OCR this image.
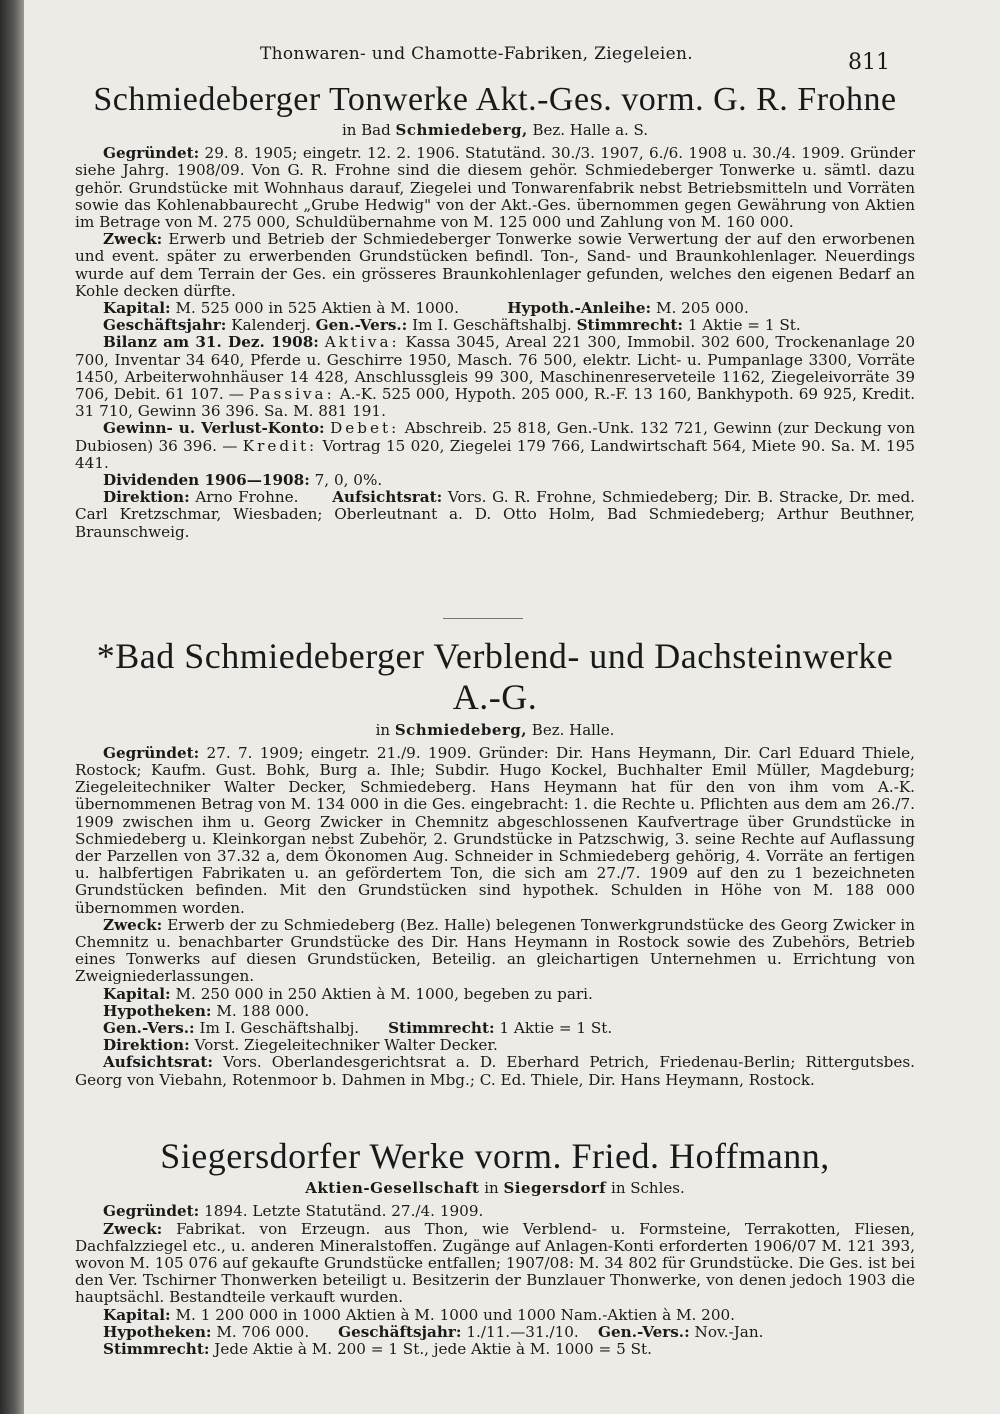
Thonwaren- und Chamotte-Fabriken, Ziegeleien.	811
Schmiedeberger Tonwerke Akt.-Ges. vorm. G. R. Frohne
in Bad Schmiedeberg, Bez. Halle a. S.

Gegründet: 29. 8. 1905; eingetr. 12. 2. 1906. Statutänd. 30./3. 1907, 6./6. 1908 u. 30./4. 1909. Gründer siehe Jahrg. 1908/09. Von G. R. Frohne sind die diesem gehör. Schmiedeberger Tonwerke u. sämtl. dazu gehör. Grundstücke mit Wohnhaus darauf, Ziegelei und Tonwarenfabrik nebst Betriebsmitteln und Vorräten sowie das Kohlenabbaurecht „Grube Hedwig" von der Akt.-Ges. übernommen gegen Gewährung von Aktien im Betrage von M. 275 000, Schuldübernahme von M. 125 000 und Zahlung von M. 160 000.

Zweck: Erwerb und Betrieb der Schmiedeberger Tonwerke sowie Verwertung der auf den erworbenen und event. später zu erwerbenden Grundstücken befindl. Ton-, Sand- und Braunkohlenlager. Neuerdings wurde auf dem Terrain der Ges. ein grösseres Braunkohlenlager gefunden, welches den eigenen Bedarf an Kohle decken dürfte.

Kapital: M. 525 000 in 525 Aktien à M. 1000.	Hypoth.-Anleihe: M. 205 000.

Geschäftsjahr: Kalenderj. Gen.-Vers.: Im I. Geschäftshalbj. Stimmrecht: 1 Aktie = 1 St.

Bilanz am 31. Dez. 1908: Aktiva: Kassa 3045, Areal 221 300, Immobil. 302 600, Trockenanlage 20 700, Inventar 34 640, Pferde u. Geschirre 1950, Masch. 76 500, elektr. Licht- u. Pumpanlage 3300, Vorräte 1450, Arbeiterwohnhäuser 14 428, Anschlussgleis 99 300, Maschinenreserveteile 1162, Ziegeleivorräte 39 706, Debit. 61 107. — Passiva: A.-K. 525 000, Hypoth. 205 000, R.-F. 13 160, Bankhypoth. 69 925, Kredit. 31 710, Gewinn 36 396. Sa. M. 881 191.

Gewinn- u. Verlust-Konto: Debet: Abschreib. 25 818, Gen.-Unk. 132 721, Gewinn (zur Deckung von Dubiosen) 36 396. — Kredit: Vortrag 15 020, Ziegelei 179 766, Landwirtschaft 564, Miete 90. Sa. M. 195 441.

Dividenden 1906—1908: 7, 0, 0%.

Direktion: Arno Frohne. Aufsichtsrat: Vors. G. R. Frohne, Schmiedeberg; Dir. B. Stracke, Dr. med. Carl Kretzschmar, Wiesbaden; Oberleutnant a. D. Otto Holm, Bad Schmiedeberg; Arthur Beuthner, Braunschweig.

*Bad Schmiedeberger Verblend- und Dachsteinwerke A.-G.
in Schmiedeberg, Bez. Halle.

Gegründet: 27. 7. 1909; eingetr. 21./9. 1909. Gründer: Dir. Hans Heymann, Dir. Carl Eduard Thiele, Rostock; Kaufm. Gust. Bohk, Burg a. Ihle; Subdir. Hugo Kockel, Buchhalter Emil Müller, Magdeburg; Ziegeleitechniker Walter Decker, Schmiedeberg. Hans Heymann hat für den von ihm vom A.-K. übernommenen Betrag von M. 134 000 in die Ges. eingebracht: 1. die Rechte u. Pflichten aus dem am 26./7. 1909 zwischen ihm u. Georg Zwicker in Chemnitz abgeschlossenen Kaufvertrage über Grundstücke in Schmiedeberg u. Kleinkorgan nebst Zubehör, 2. Grundstücke in Patzschwig, 3. seine Rechte auf Auflassung der Parzellen von 37.32 a, dem Ökonomen Aug. Schneider in Schmiedeberg gehörig, 4. Vorräte an fertigen u. halbfertigen Fabrikaten u. an gefördertem Ton, die sich am 27./7. 1909 auf den zu 1 bezeichneten Grundstücken befinden. Mit den Grundstücken sind hypothek. Schulden in Höhe von M. 188 000 übernommen worden.

Zweck: Erwerb der zu Schmiedeberg (Bez. Halle) belegenen Tonwerkgrundstücke des Georg Zwicker in Chemnitz u. benachbarter Grundstücke des Dir. Hans Heymann in Rostock sowie des Zubehörs, Betrieb eines Tonwerks auf diesen Grundstücken, Beteilig. an gleichartigen Unternehmen u. Errichtung von Zweigniederlassungen.

Kapital: M. 250 000 in 250 Aktien à M. 1000, begeben zu pari.

Hypotheken: M. 188 000.

Gen.-Vers.: Im I. Geschäftshalbj. Stimmrecht: 1 Aktie = 1 St.

Direktion: Vorst. Ziegeleitechniker Walter Decker.

Aufsichtsrat: Vors. Oberlandesgerichtsrat a. D. Eberhard Petrich, Friedenau-Berlin; Rittergutsbes. Georg von Viebahn, Rotenmoor b. Dahmen in Mbg.; C. Ed. Thiele, Dir. Hans Heymann, Rostock.

Siegersdorfer Werke vorm. Fried. Hoffmann,
Aktien-Gesellschaft in Siegersdorf in Schles.

Gegründet: 1894. Letzte Statutänd. 27./4. 1909.

Zweck: Fabrikat. von Erzeugn. aus Thon, wie Verblend- u. Formsteine, Terrakotten, Fliesen, Dachfalzziegel etc., u. anderen Mineralstoffen. Zugänge auf Anlagen-Konti erforderten 1906/07 M. 121 393, wovon M. 105 076 auf gekaufte Grundstücke entfallen; 1907/08: M. 34 802 für Grundstücke. Die Ges. ist bei den Ver. Tschirner Thonwerken beteiligt u. Besitzerin der Bunzlauer Thonwerke, von denen jedoch 1903 die hauptsächl. Bestandteile verkauft wurden.

Kapital: M. 1 200 000 in 1000 Aktien à M. 1000 und 1000 Nam.-Aktien à M. 200.

Hypotheken: M. 706 000. Geschäftsjahr: 1./11.—31./10. Gen.-Vers.: Nov.-Jan.

Stimmrecht: Jede Aktie à M. 200 = 1 St., jede Aktie à M. 1000 = 5 St.
